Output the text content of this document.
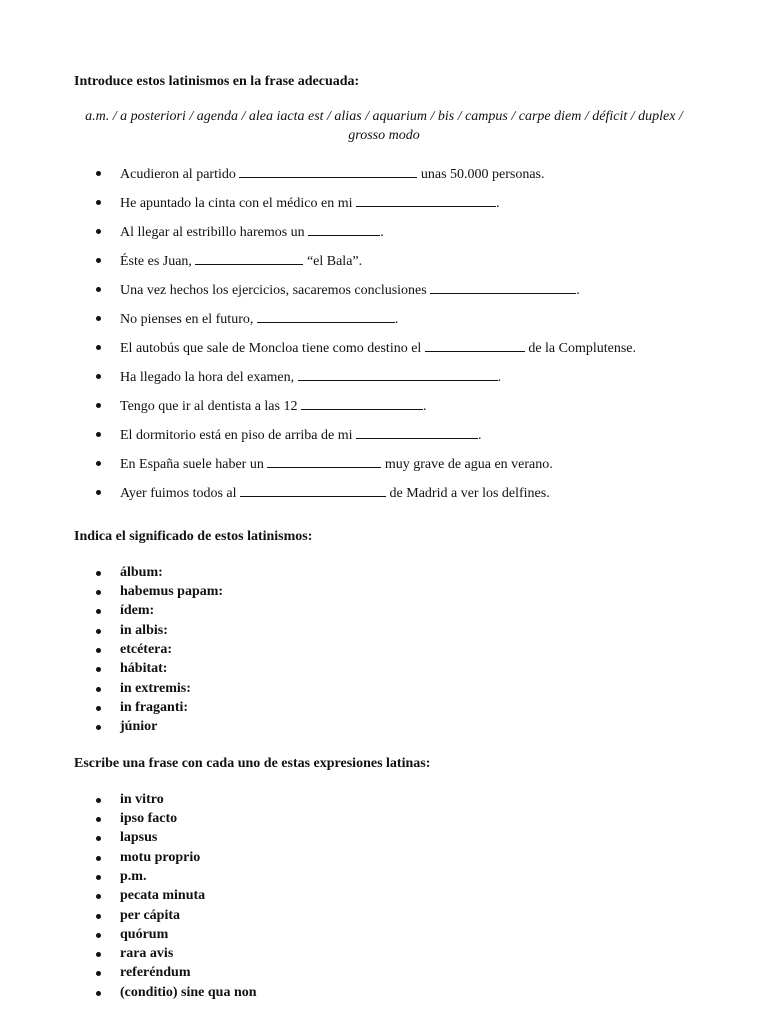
Introduce estos latinismos en la frase adecuada:
a.m. / a posteriori / agenda / alea iacta est / alias / aquarium / bis / campus / carpe diem / déficit / duplex / grosso modo
Acudieron al partido	unas 50.000 personas.
He apuntado la cinta con el médico en mi	.
Al llegar al estribillo haremos un	.
Éste es Juan,	“el Bala”.
Una vez hechos los ejercicios, sacaremos conclusiones	.
No pienses en el futuro,	.
El autobús que sale de Moncloa tiene como destino el	de la Complutense.
Ha llegado la hora del examen,	.
Tengo que ir al dentista a las 12	.
El dormitorio está en piso de arriba de mi	.
En España suele haber un	muy grave de agua en verano.
Ayer fuimos todos al	de Madrid a ver los delfines.
Indica el significado de estos latinismos:
álbum:
habemus papam:
ídem:
in albis:
etcétera:
hábitat:
in extremis:
in fraganti:
júnior
Escribe una frase con cada uno de estas expresiones latinas:
in vitro
ipso facto
lapsus
motu proprio
p.m.
pecata minuta
per cápita
quórum
rara avis
referéndum
(conditio) sine qua non
